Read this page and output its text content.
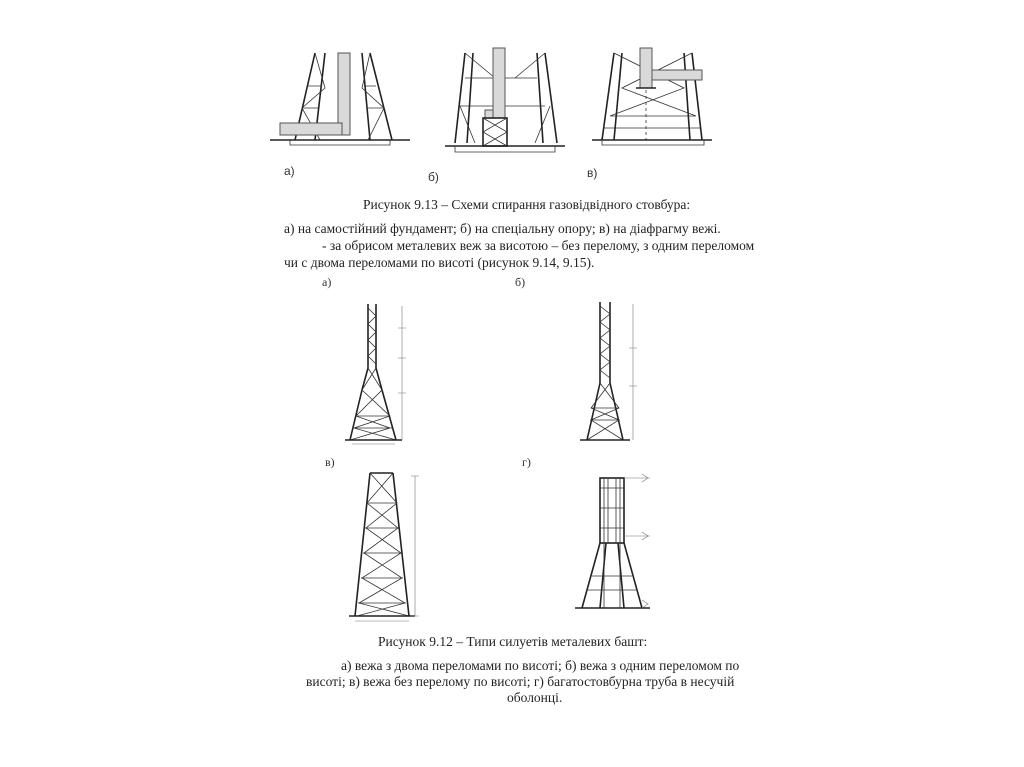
а)	б)	в)
Рисунок 9.13 – Схеми спирання газовідвідного стовбура:
а) на самостійний фундамент; б) на спеціальну опору; в) на діафрагму вежі.
- за обрисом металевих веж за висотою – без перелому, з одним переломом
чи с двома переломами по висоті (рисунок 9.14, 9.15).
а)	б)
в)	г)
Рисунок 9.12 – Типи силуетів металевих башт:
а) вежа з двома переломами по висоті; б) вежа з одним переломом по
висоті; в) вежа без перелому по висоті; г) багатостовбурна труба в несучій
оболонці.
